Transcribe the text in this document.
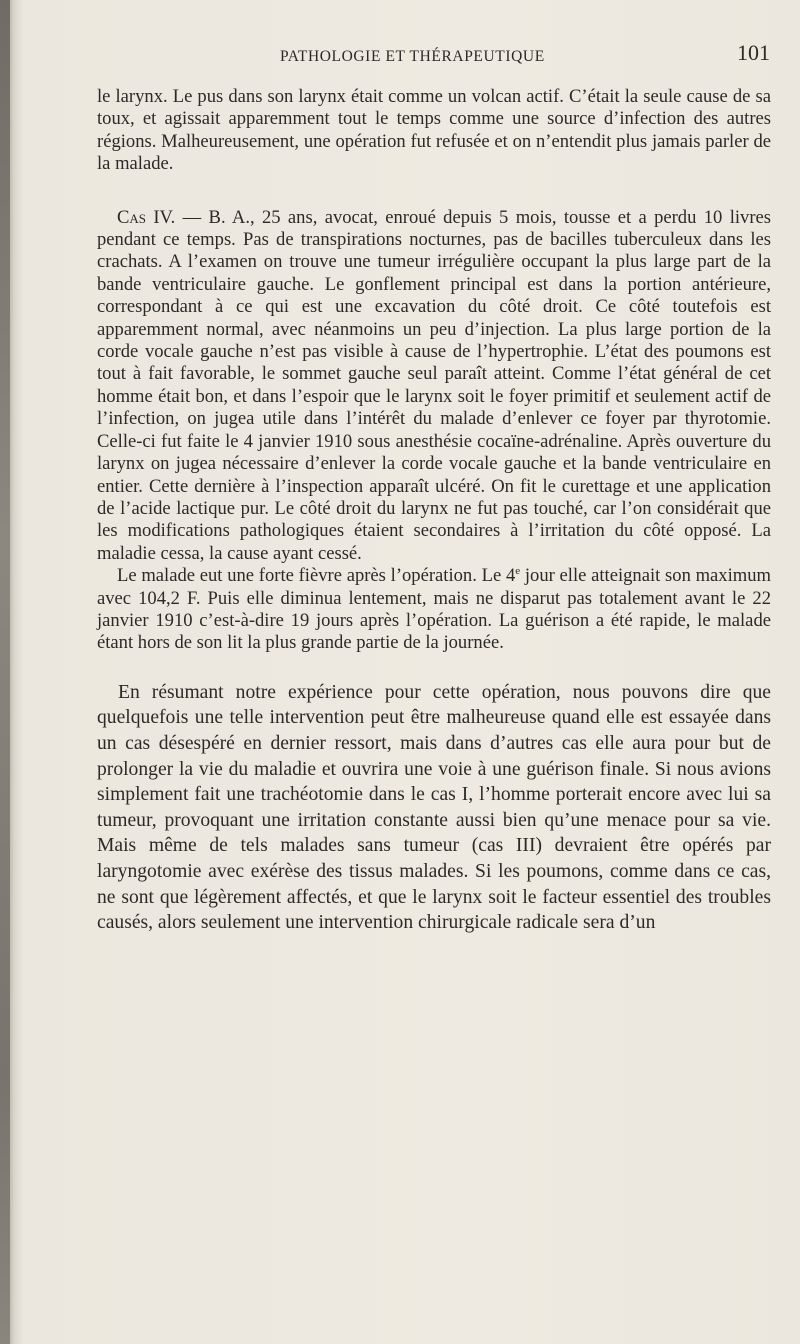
PATHOLOGIE ET THÉRAPEUTIQUE	101

le larynx. Le pus dans son larynx était comme un volcan actif. C’était la seule cause de sa toux, et agissait apparemment tout le temps comme une source d’infection des autres régions. Malheureusement, une opération fut refusée et on n’entendit plus jamais parler de la malade.

Cas IV. — B. A., 25 ans, avocat, enroué depuis 5 mois, tousse et a perdu 10 livres pendant ce temps. Pas de transpirations nocturnes, pas de bacilles tuberculeux dans les crachats. A l’examen on trouve une tumeur irrégulière occupant la plus large part de la bande ventriculaire gauche. Le gonflement principal est dans la portion antérieure, correspondant à ce qui est une excavation du côté droit. Ce côté toutefois est apparemment normal, avec néanmoins un peu d’injection. La plus large portion de la corde vocale gauche n’est pas visible à cause de l’hypertrophie. L’état des poumons est tout à fait favorable, le sommet gauche seul paraît atteint. Comme l’état général de cet homme était bon, et dans l’espoir que le larynx soit le foyer primitif et seulement actif de l’infection, on jugea utile dans l’intérêt du malade d’enlever ce foyer par thyrotomie. Celle-ci fut faite le 4 janvier 1910 sous anesthésie cocaïne-adrénaline. Après ouverture du larynx on jugea nécessaire d’enlever la corde vocale gauche et la bande ventriculaire en entier. Cette dernière à l’inspection apparaît ulcéré. On fit le curettage et une application de l’acide lactique pur. Le côté droit du larynx ne fut pas touché, car l’on considérait que les modifications pathologiques étaient secondaires à l’irritation du côté opposé. La maladie cessa, la cause ayant cessé.

Le malade eut une forte fièvre après l’opération. Le 4e jour elle atteignait son maximum avec 104,2 F. Puis elle diminua lentement, mais ne disparut pas totalement avant le 22 janvier 1910 c’est-à-dire 19 jours après l’opération. La guérison a été rapide, le malade étant hors de son lit la plus grande partie de la journée.

En résumant notre expérience pour cette opération, nous pouvons dire que quelquefois une telle intervention peut être malheureuse quand elle est essayée dans un cas désespéré en dernier ressort, mais dans d’autres cas elle aura pour but de prolonger la vie du maladie et ouvrira une voie à une guérison finale. Si nous avions simplement fait une trachéotomie dans le cas I, l’homme porterait encore avec lui sa tumeur, provoquant une irritation constante aussi bien qu’une menace pour sa vie. Mais même de tels malades sans tumeur (cas III) devraient être opérés par laryngotomie avec exérèse des tissus malades. Si les poumons, comme dans ce cas, ne sont que légèrement affectés, et que le larynx soit le facteur essentiel des troubles causés, alors seulement une intervention chirurgicale radicale sera d’un
